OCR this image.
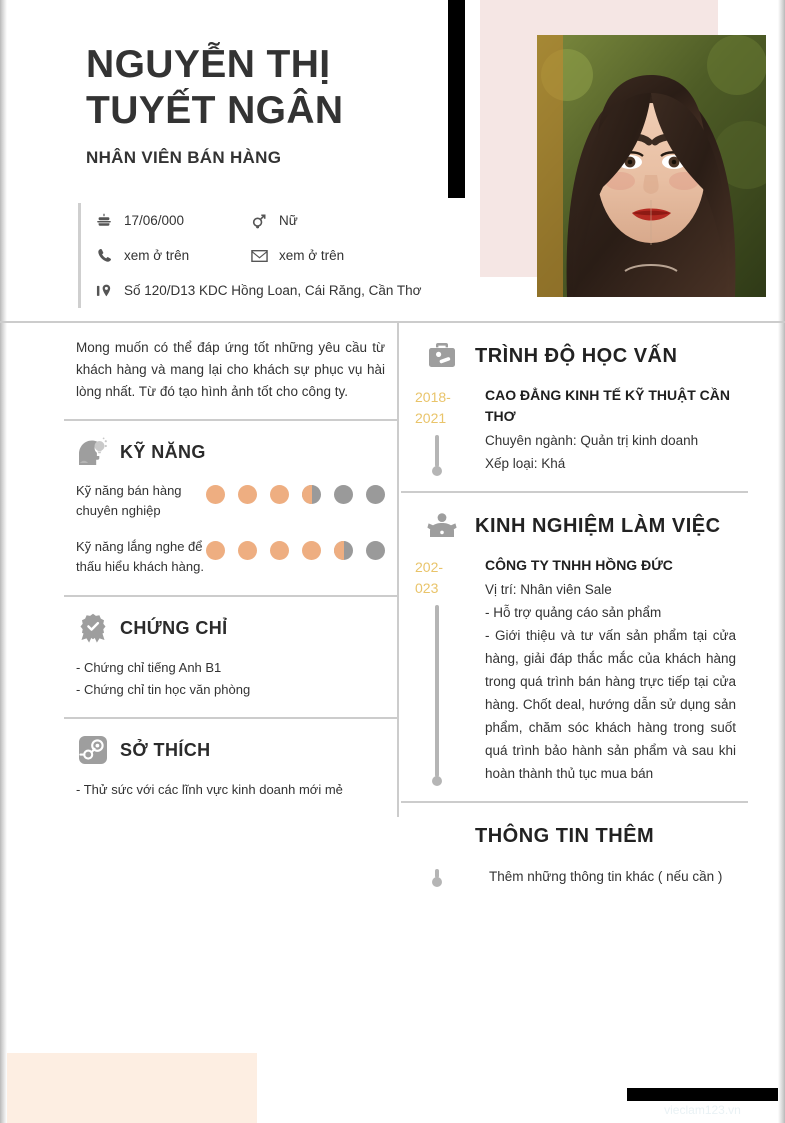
NGUYỄN THỊ
TUYẾT NGÂN
NHÂN VIÊN BÁN HÀNG
17/06/000	Nữ
xem ở trên	xem ở trên
Số 120/D13 KDC Hồng Loan, Cái Răng, Cần Thơ
Mong muốn có thể đáp ứng tốt những yêu cầu từ khách hàng và mang lại cho khách sự phục vụ hài lòng nhất. Từ đó tạo hình ảnh tốt cho công ty.
KỸ NĂNG
Kỹ năng bán hàng chuyên nghiệp
Kỹ năng lắng nghe để thấu hiểu khách hàng.
CHỨNG CHỈ
- Chứng chỉ tiếng Anh B1
- Chứng chỉ tin học văn phòng
SỞ THÍCH
- Thử sức với các lĩnh vực kinh doanh mới mẻ
TRÌNH ĐỘ HỌC VẤN
2018-
2021
CAO ĐẲNG KINH TẾ KỸ THUẬT CẦN THƠ
Chuyên ngành: Quản trị kinh doanh
Xếp loại: Khá
KINH NGHIỆM LÀM VIỆC
202-
023
CÔNG TY TNHH HỒNG ĐỨC
Vị trí: Nhân viên Sale
- Hỗ trợ quảng cáo sản phẩm
- Giới thiệu và tư vấn sản phẩm tại cửa hàng, giải đáp thắc mắc của khách hàng trong quá trình bán hàng trực tiếp tại cửa hàng. Chốt deal, hướng dẫn sử dụng sản phẩm, chăm sóc khách hàng trong suốt quá trình bảo hành sản phẩm và sau khi hoàn thành thủ tục mua bán
THÔNG TIN THÊM
Thêm những thông tin khác ( nếu cần )
vieclam123.vn
